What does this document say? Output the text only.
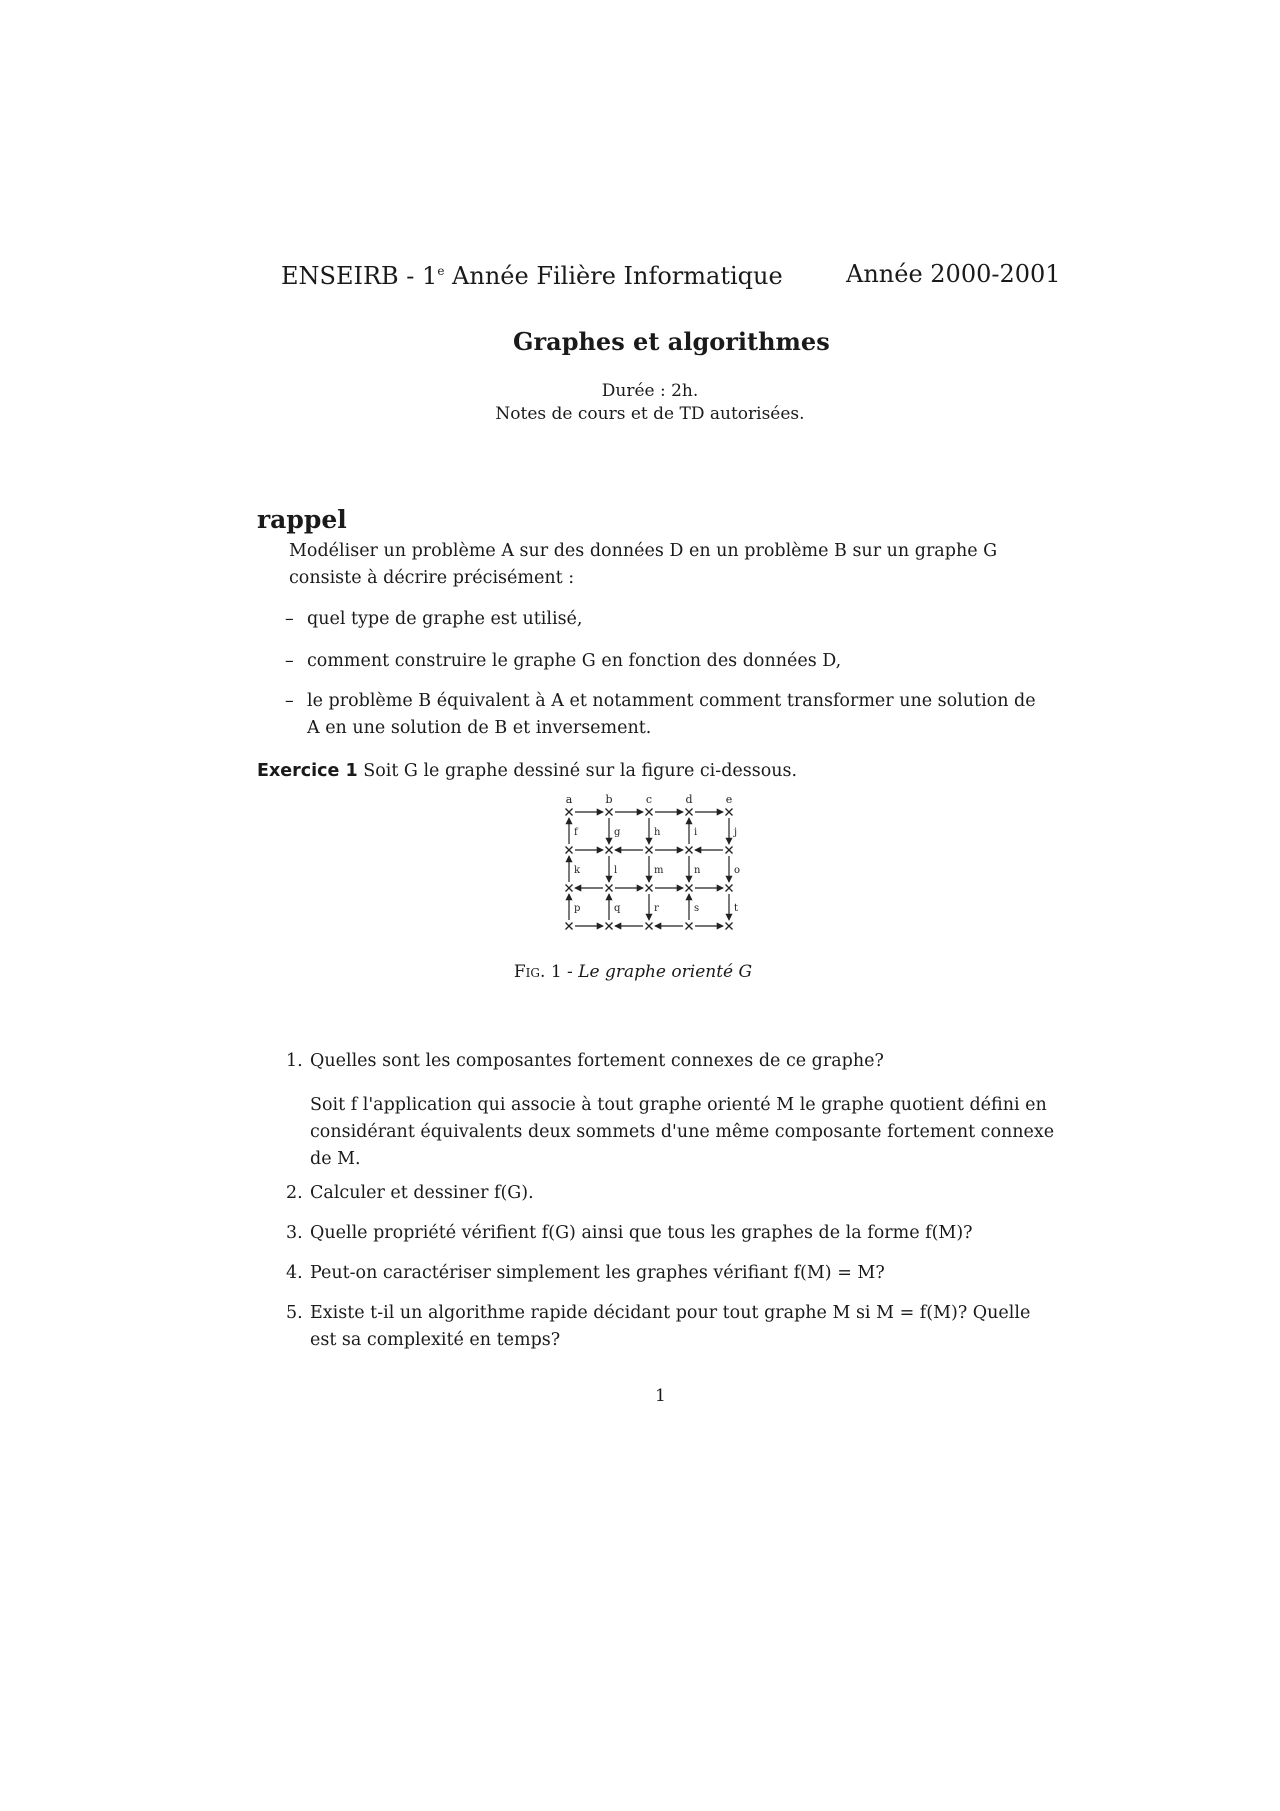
ENSEIRB - 1e Année Filière Informatique	Année 2000-2001
Graphes et algorithmes
Durée : 2h.
Notes de cours et de TD autorisées.
rappel
Modéliser un problème A sur des données D en un problème B sur un graphe G consiste à décrire précisément :
– quel type de graphe est utilisé,
– comment construire le graphe G en fonction des données D,
– le problème B équivalent à A et notamment comment transformer une solution de A en une solution de B et inversement.
Exercice 1 Soit G le graphe dessiné sur la figure ci-dessous.
a	b	c	d	e
f	g	h	i	j
k	l	m	n	o
p	q	r	s	t
Fig. 1 - Le graphe orienté G
1. Quelles sont les composantes fortement connexes de ce graphe?
Soit f l'application qui associe à tout graphe orienté M le graphe quotient défini en considérant équivalents deux sommets d'une même composante fortement connexe de M.
2. Calculer et dessiner f(G).
3. Quelle propriété vérifient f(G) ainsi que tous les graphes de la forme f(M)?
4. Peut-on caractériser simplement les graphes vérifiant f(M) = M?
5. Existe t-il un algorithme rapide décidant pour tout graphe M si M = f(M)? Quelle est sa complexité en temps?
1
